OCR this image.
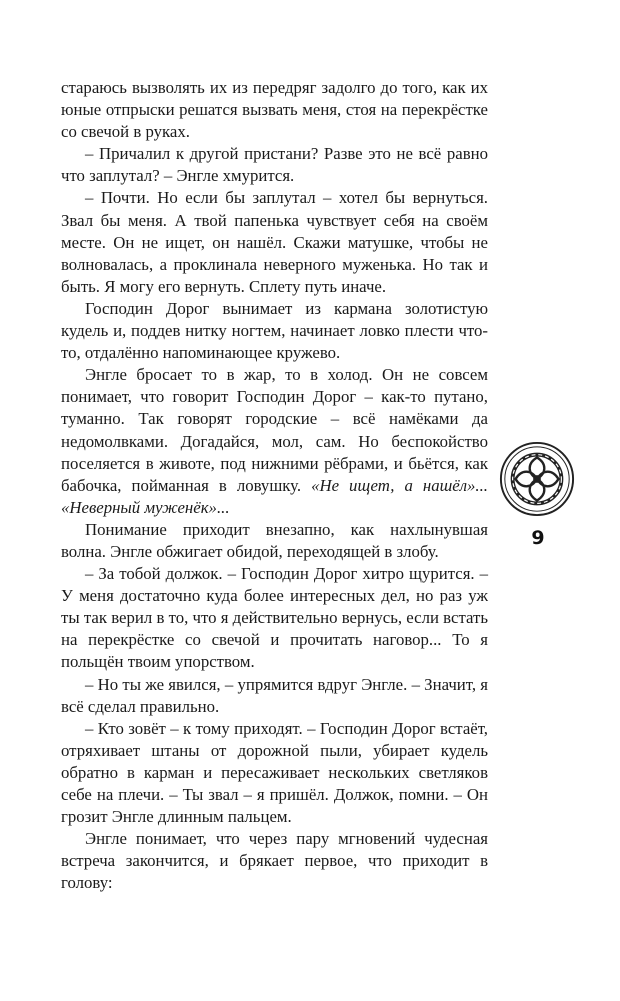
стараюсь вызволять их из передряг задолго до того, как их юные отпрыски решатся вызвать меня, стоя на перекрёстке со свечой в руках.

– Причалил к другой пристани? Разве это не всё равно что заплутал? – Энгле хмурится.

– Почти. Но если бы заплутал – хотел бы вернуться. Звал бы меня. А твой папенька чувствует себя на своём месте. Он не ищет, он нашёл. Скажи матушке, чтобы не волновалась, а проклинала неверного муженька. Но так и быть. Я могу его вернуть. Сплету путь иначе.

Господин Дорог вынимает из кармана золотистую кудель и, поддев нитку ногтем, начинает ловко плести что-то, отдалённо напоминающее кружево.

Энгле бросает то в жар, то в холод. Он не совсем понимает, что говорит Господин Дорог – как-то путано, туманно. Так говорят городские – всё намёками да недомолвками. Догадайся, мол, сам. Но беспокойство поселяется в животе, под нижними рёбрами, и бьётся, как бабочка, пойманная в ловушку. «Не ищет, а нашёл»... «Неверный муженёк»...

Понимание приходит внезапно, как нахлынувшая волна. Энгле обжигает обидой, переходящей в злобу.

– За тобой должок. – Господин Дорог хитро щурится. – У меня достаточно куда более интересных дел, но раз уж ты так верил в то, что я действительно вернусь, если встать на перекрёстке со свечой и прочитать наговор... То я польщён твоим упорством.

– Но ты же явился, – упрямится вдруг Энгле. – Значит, я всё сделал правильно.

– Кто зовёт – к тому приходят. – Господин Дорог встаёт, отряхивает штаны от дорожной пыли, убирает кудель обратно в карман и пересаживает нескольких светляков себе на плечи. – Ты звал – я пришёл. Должок, помни. – Он грозит Энгле длинным пальцем.

Энгле понимает, что через пару мгновений чудесная встреча закончится, и брякает первое, что приходит в голову:

9
